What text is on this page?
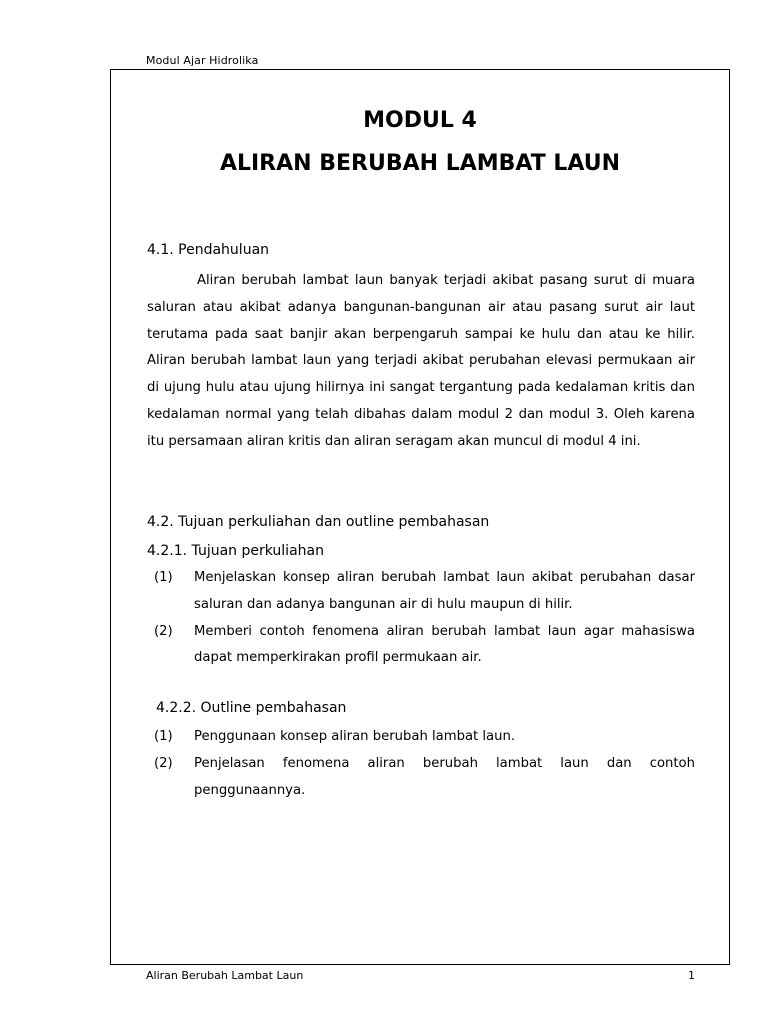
Modul Ajar Hidrolika
MODUL 4
ALIRAN BERUBAH LAMBAT LAUN
4.1. Pendahuluan
Aliran berubah lambat laun banyak terjadi akibat pasang surut di muara saluran atau akibat adanya bangunan-bangunan air atau pasang surut air laut terutama pada saat banjir akan berpengaruh sampai ke hulu dan atau ke hilir. Aliran berubah lambat laun yang terjadi akibat perubahan elevasi permukaan air di ujung hulu atau ujung hilirnya ini sangat tergantung pada kedalaman kritis dan kedalaman normal yang telah dibahas dalam modul 2 dan modul 3. Oleh karena itu persamaan aliran kritis dan aliran seragam akan muncul di modul 4 ini.
4.2. Tujuan perkuliahan dan outline pembahasan
4.2.1. Tujuan perkuliahan
(1)	Menjelaskan konsep aliran berubah lambat laun akibat perubahan dasar saluran dan adanya bangunan air di hulu maupun di hilir.
(2)	Memberi contoh fenomena aliran berubah lambat laun agar mahasiswa dapat memperkirakan profil permukaan air.
4.2.2. Outline pembahasan
(1)	Penggunaan konsep aliran berubah lambat laun.
(2)	Penjelasan fenomena aliran berubah lambat laun dan contoh penggunaannya.
Aliran Berubah Lambat Laun	1
